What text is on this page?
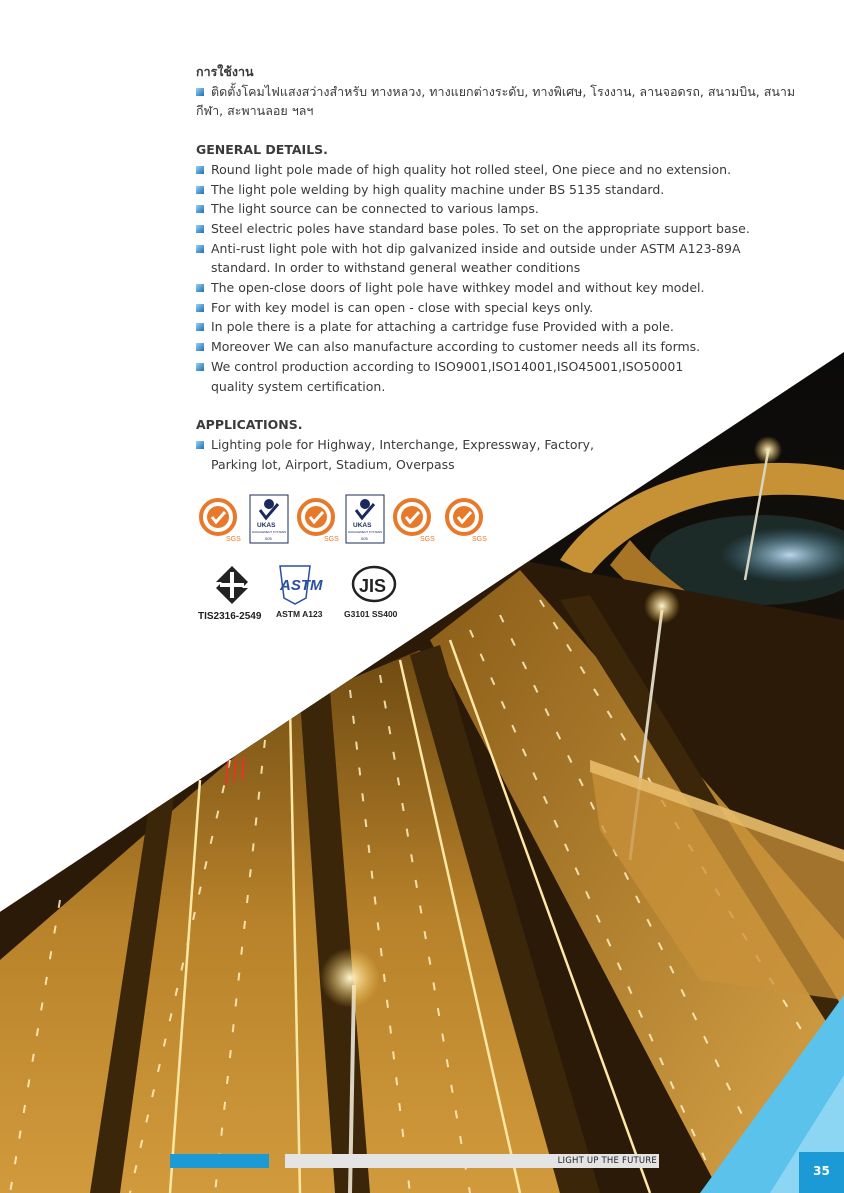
การใช้งาน

ติดตั้งโคมไฟแสงสว่างสำหรับ ทางหลวง, ทางแยกต่างระดับ, ทางพิเศษ, โรงงาน, ลานจอดรถ, สนามบิน, สนาม
กีฬา, สะพานลอย ฯลฯ

GENERAL DETAILS.

Round light pole made of high quality hot rolled steel, One piece and no extension.
The light pole welding by high quality machine under BS 5135 standard.
The light source can be connected to various lamps.
Steel electric poles have standard base poles. To set on the appropriate support base.
Anti-rust light pole with hot dip galvanized inside and outside under ASTM A123-89A
standard. In order to withstand general weather conditions
The open-close doors of light pole have withkey model and without key model.
For with key model is can open - close with special keys only.
In pole there is a plate for attaching a cartridge fuse Provided with a pole.
Moreover We can also manufacture according to customer needs all its forms.
We control production according to ISO9001,ISO14001,ISO45001,ISO50001
quality system certification.

APPLICATIONS.

Lighting pole for Highway, Interchange, Expressway, Factory,
Parking lot, Airport, Stadium, Overpass
SGS
UKAS
MANAGEMENT SYSTEMS
005	SGS
UKAS
MANAGEMENT SYSTEMS
005	SGS	SGS
TIS2316-2549
ASTM
ASTM A123
JIS
G3101 SS400
LIGHT UP THE FUTURE
35
